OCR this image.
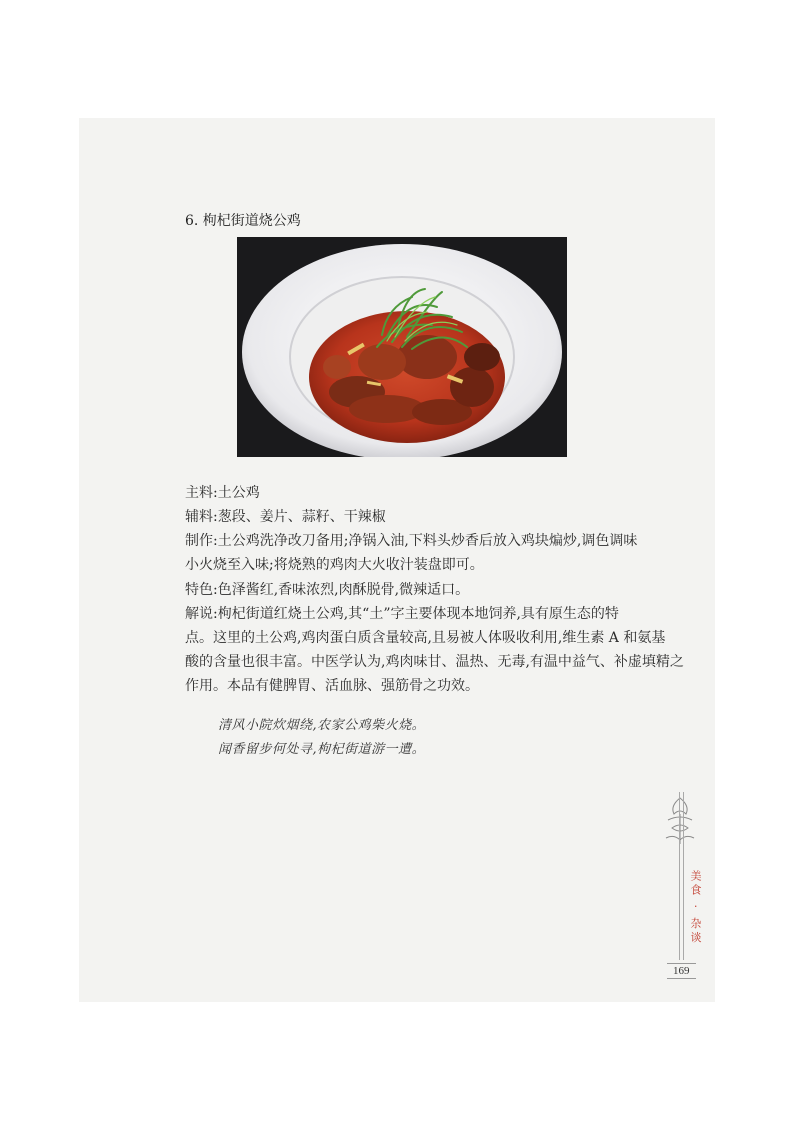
6. 枸杞街道烧公鸡
主料:土公鸡
辅料:葱段、姜片、蒜籽、干辣椒
制作:土公鸡洗净改刀备用;净锅入油,下料头炒香后放入鸡块煸炒,调色调味
小火烧至入味;将烧熟的鸡肉大火收汁装盘即可。
特色:色泽酱红,香味浓烈,肉酥脱骨,微辣适口。
解说:枸杞街道红烧土公鸡,其“土”字主要体现本地饲养,具有原生态的特
点。这里的土公鸡,鸡肉蛋白质含量较高,且易被人体吸收利用,维生素 A 和氨基
酸的含量也很丰富。中医学认为,鸡肉味甘、温热、无毒,有温中益气、补虚填精之
作用。本品有健脾胃、活血脉、强筋骨之功效。
清风小院炊烟绕,农家公鸡柴火烧。
闻香留步何处寻,枸杞街道游一遭。
美食 · 杂谈
169
